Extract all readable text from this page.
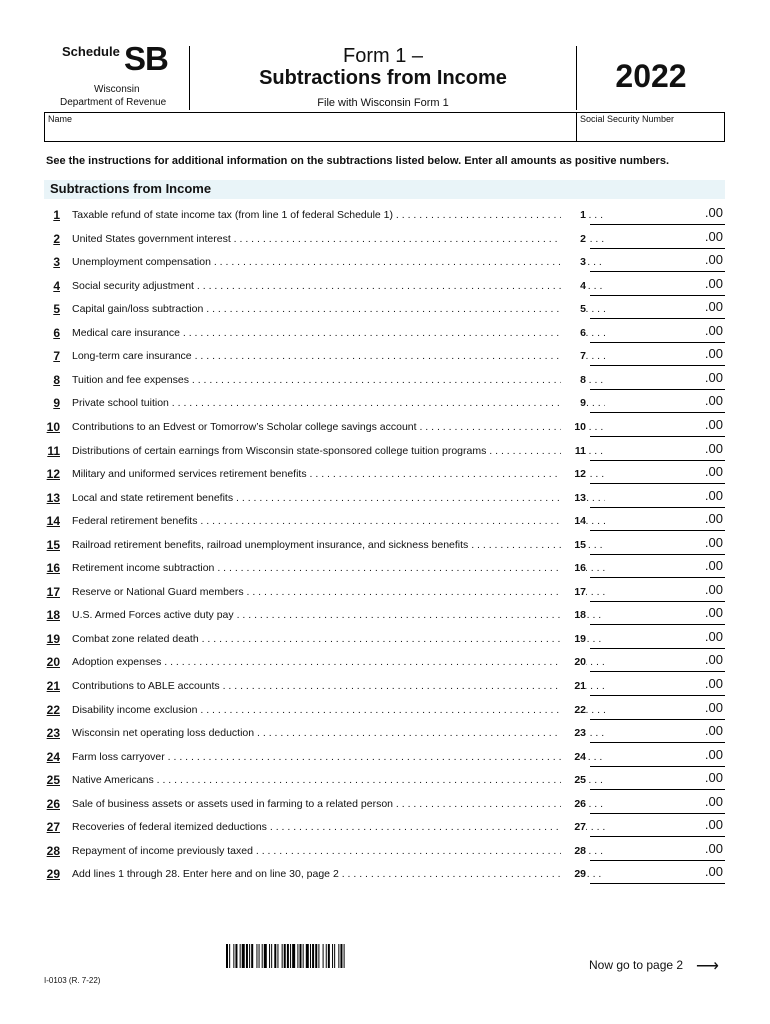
Schedule SB
Wisconsin
Department of Revenue
Form 1 –
Subtractions from Income
File with Wisconsin Form 1
2022
Name	Social Security Number
See the instructions for additional information on the subtractions listed below. Enter all amounts as positive numbers.
Subtractions from Income
1 Taxable refund of state income tax (from line 1 of federal Schedule 1) . . .	1	.00
2 United States government interest . . .	2	.00
3 Unemployment compensation . . .	3	.00
4 Social security adjustment . . .	4	.00
5 Capital gain/loss subtraction . . .	5	.00
6 Medical care insurance . . .	6	.00
7 Long-term care insurance . . .	7	.00
8 Tuition and fee expenses . . .	8	.00
9 Private school tuition . . .	9	.00
10 Contributions to an Edvest or Tomorrow’s Scholar college savings account . . .	10	.00
11 Distributions of certain earnings from Wisconsin state-sponsored college tuition programs . . .	11	.00
12 Military and uniformed services retirement benefits . . .	12	.00
13 Local and state retirement benefits . . .	13	.00
14 Federal retirement benefits . . .	14	.00
15 Railroad retirement benefits, railroad unemployment insurance, and sickness benefits . . .	15	.00
16 Retirement income subtraction . . .	16	.00
17 Reserve or National Guard members . . .	17	.00
18 U.S. Armed Forces active duty pay . . .	18	.00
19 Combat zone related death . . .	19	.00
20 Adoption expenses . . .	20	.00
21 Contributions to ABLE accounts . . .	21	.00
22 Disability income exclusion . . .	22	.00
23 Wisconsin net operating loss deduction . . .	23	.00
24 Farm loss carryover . . .	24	.00
25 Native Americans . . .	25	.00
26 Sale of business assets or assets used in farming to a related person . . .	26	.00
27 Recoveries of federal itemized deductions . . .	27	.00
28 Repayment of income previously taxed . . .	28	.00
29 Add lines 1 through 28. Enter here and on line 30, page 2 . . .	29	.00
Now go to page 2 ⟶
I-0103 (R. 7-22)
